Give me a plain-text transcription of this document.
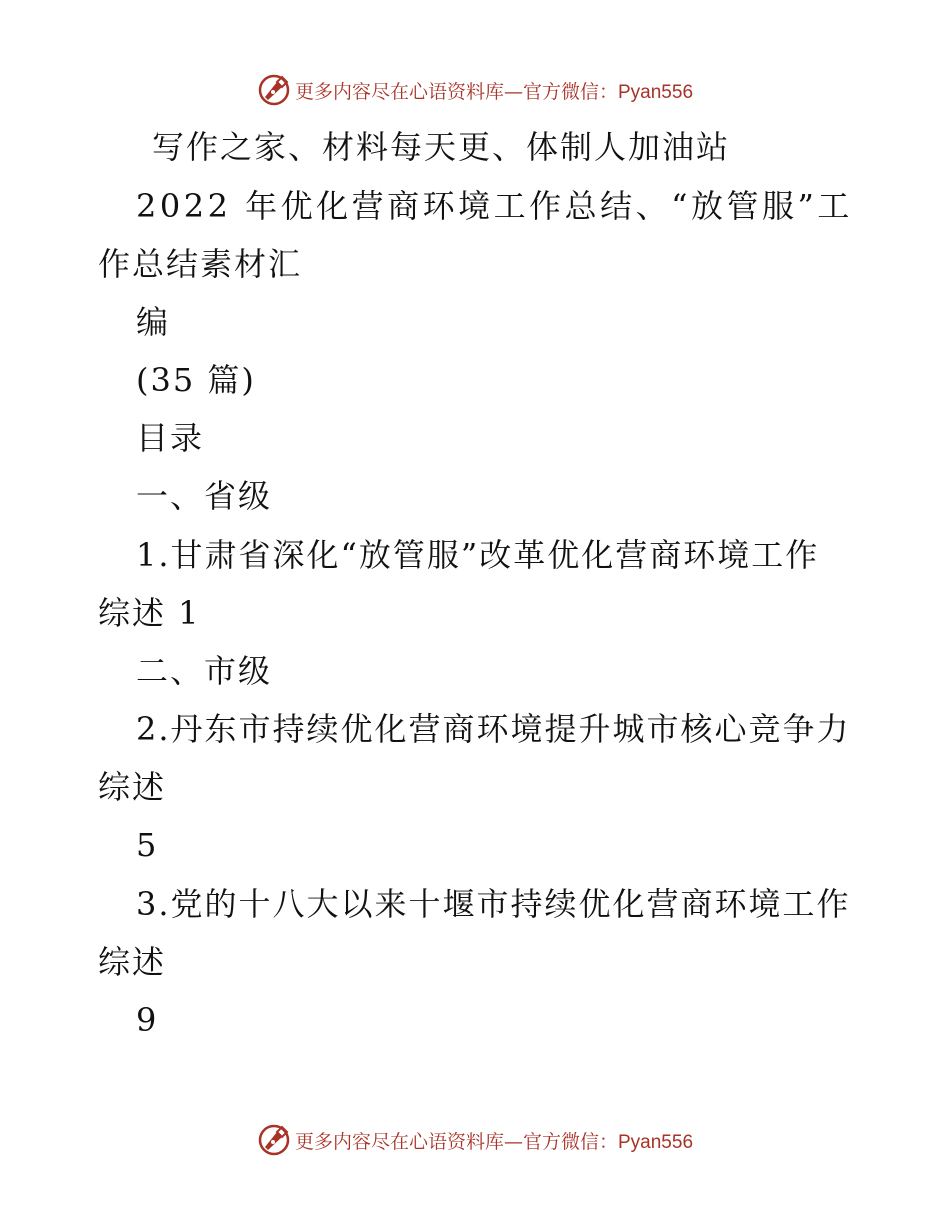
更多内容尽在心语资料库—官方微信：Pyan556
写作之家、材料每天更、体制人加油站
2022 年优化营商环境工作总结、“放管服”工
作总结素材汇
编
(35 篇)
目录
一、省级
1.甘肃省深化“放管服”改革优化营商环境工作
综述 1
二、市级
2.丹东市持续优化营商环境提升城市核心竞争力
综述
5
3.党的十八大以来十堰市持续优化营商环境工作
综述
9
更多内容尽在心语资料库—官方微信：Pyan556
